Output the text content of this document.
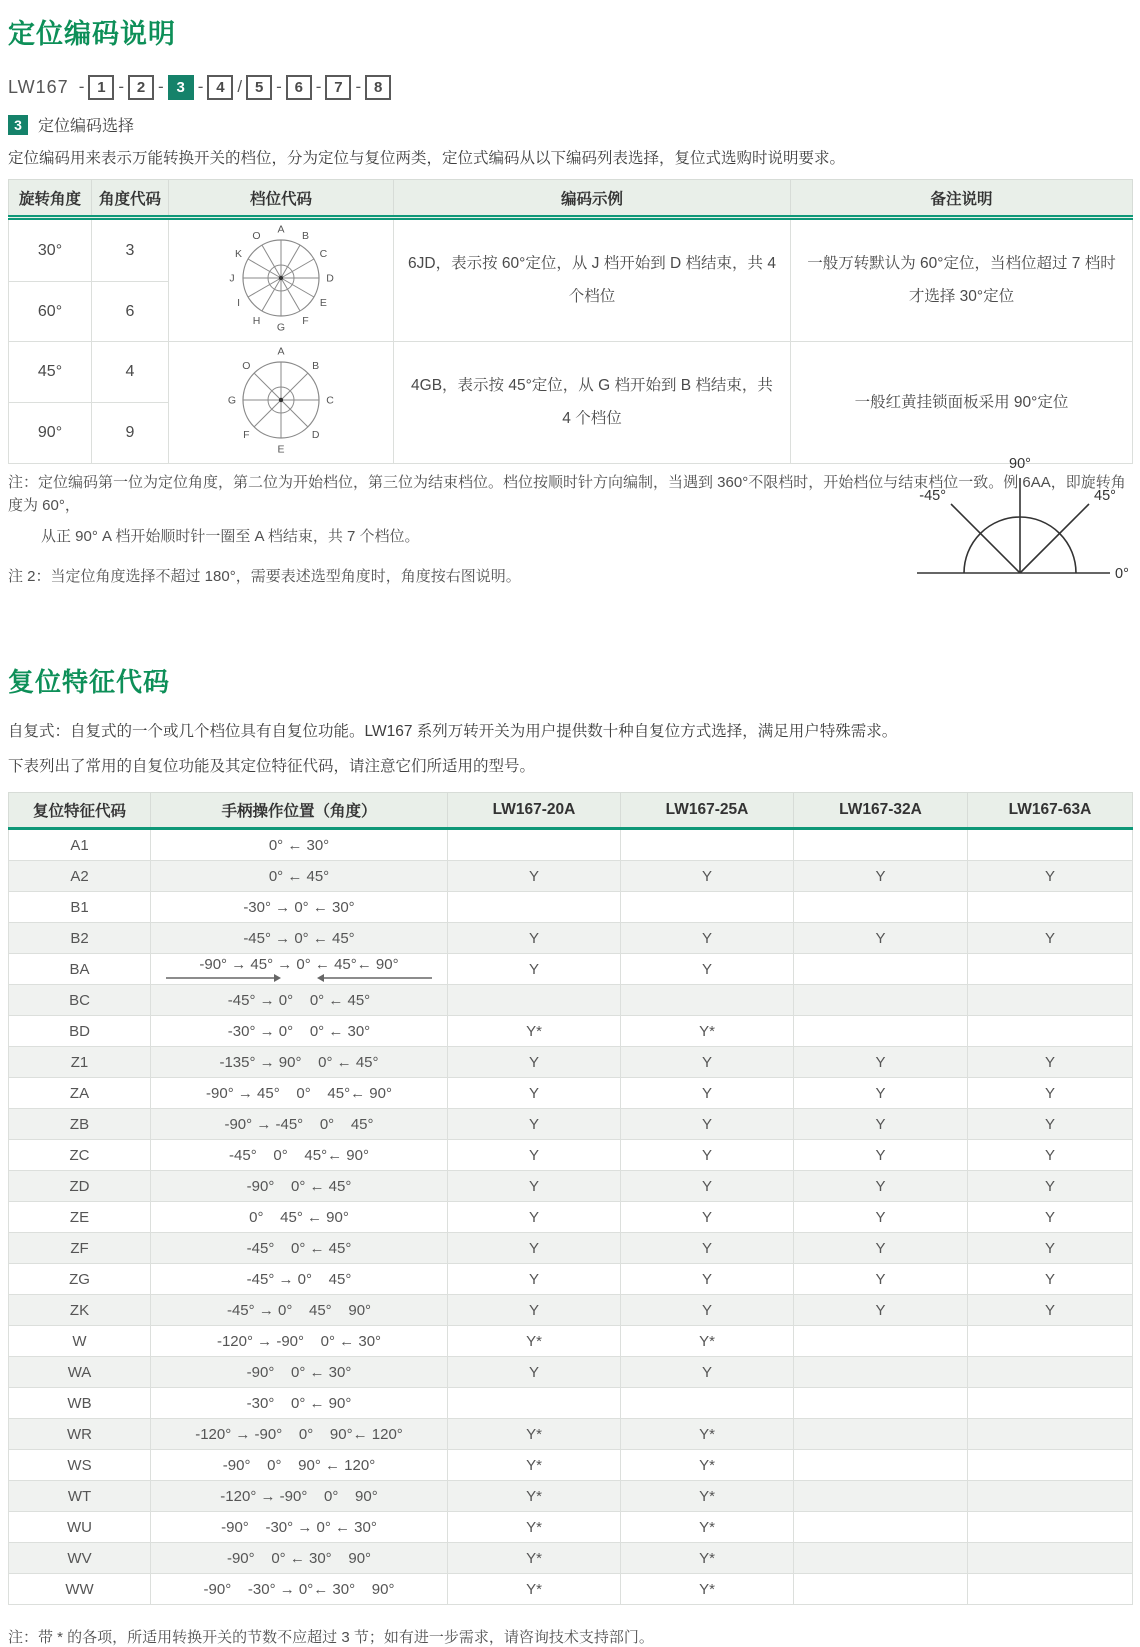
定位编码说明
LW167 - 1 - 2 - 3 - 4 / 5 - 6 - 7 - 8
3	定位编码选择
定位编码用来表示万能转换开关的档位，分为定位与复位两类，定位式编码从以下编码列表选择，复位式选购时说明要求。
旋转角度	角度代码	档位代码	编码示例	备注说明
30°	3	
A
B
C
D
E
F
G
H
I
J
K
O
	6JD，表示按 60°定位，从 J 档开始到 D 档结束，共 4 个档位	一般万转默认为 60°定位，当档位超过 7 档时才选择 30°定位
60°	6			
45°	4	
A
B
C
D
E
F
G
O
	4GB，表示按 45°定位，从 G 档开始到 B 档结束，共 4 个档位	一般红黄挂锁面板采用 90°定位
90°	9			
注：定位编码第一位为定位角度，第二位为开始档位，第三位为结束档位。档位按顺时针方向编制，当遇到 360°不限档时，开始档位与结束档位一致。例 6AA，即旋转角度为 60°，
从正 90° A 档开始顺时针一圈至 A 档结束，共 7 个档位。
注 2：当定位角度选择不超过 180°，需要表述选型角度时，角度按右图说明。
90°
45°
-45°
0°
复位特征代码
自复式：自复式的一个或几个档位具有自复位功能。LW167 系列万转开关为用户提供数十种自复位方式选择，满足用户特殊需求。
下表列出了常用的自复位功能及其定位特征代码，请注意它们所适用的型号。
复位特征代码	手柄操作位置（角度）	LW167-20A	LW167-25A	LW167-32A	LW167-63A
A1	0° ← 30°				

A2	0° ← 45°	Y	Y	Y	Y
B1	-30° → 0° ← 30°				

B2	-45° → 0° ← 45°	Y	Y	Y	Y
BA	-90° → 45° → 0° ← 45°← 90°	Y	Y		
BC	-45° → 0°    0° ← 45°				

BD	-30° → 0°    0° ← 30°	Y*	Y*		
Z1	-135° → 90°    0° ← 45°	Y	Y	Y	Y
ZA	-90° → 45°    0°    45°← 90°	Y	Y	Y	Y
ZB	-90° → -45°    0°    45°	Y	Y	Y	Y
ZC	-45°    0°    45°← 90°	Y	Y	Y	Y
ZD	-90°    0° ← 45°	Y	Y	Y	Y
ZE	0°    45° ← 90°	Y	Y	Y	Y
ZF	-45°    0° ← 45°	Y	Y	Y	Y
ZG	-45° → 0°    45°	Y	Y	Y	Y
ZK	-45° → 0°    45°    90°	Y	Y	Y	Y
W	-120° → -90°    0° ← 30°	Y*	Y*		
WA	-90°    0° ← 30°	Y	Y		
WB	-30°    0° ← 90°				

WR	-120° → -90°    0°    90°← 120°	Y*	Y*		
WS	-90°    0°    90° ← 120°	Y*	Y*		
WT	-120° → -90°    0°    90°	Y*	Y*		
WU	-90°    -30° → 0° ← 30°	Y*	Y*		
WV	-90°    0° ← 30°    90°	Y*	Y*		
WW	-90°    -30° → 0°← 30°    90°	Y*	Y*		
注：带 * 的各项，所适用转换开关的节数不应超过 3 节；如有进一步需求，请咨询技术支持部门。
